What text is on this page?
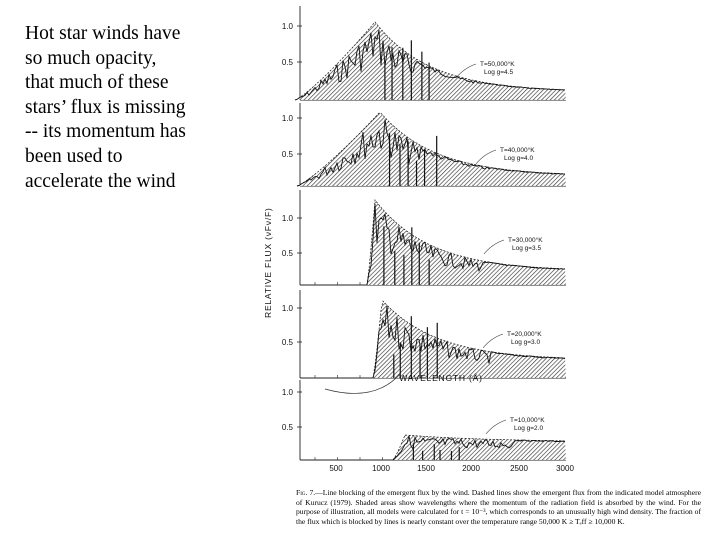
Hot star winds have
so much opacity,
that much of these
stars’ flux is missing
-- its momentum has
been used to
accelerate the wind
RELATIVE FLUX (νFν/F)
1.0
0.5	T=50,000°K
Log g=4.5
1.0
0.5	T=40,000°K
Log g=4.0
1.0
0.5
T=30,000°K
Log g=3.5
1.0
0.5
T=20,000°K
Log g=3.0
1.0
0.5
T=10,000°K
Log g=2.0
500	1000	1500	2000	2500	3000
WAVELENGTH (Å)
Fig. 7.—Line blocking of the emergent flux by the wind. Dashed lines show the emergent flux from the indicated model atmosphere of Kurucz (1979). Shaded areas show wavelengths where the momentum of the radiation field is absorbed by the wind. For the purpose of illustration, all models were calculated for t = 10⁻³, which corresponds to an unusually high wind density. The fraction of the flux which is blocked by lines is nearly constant over the temperature range 50,000 K ≥ Tₑff ≥ 10,000 K.
